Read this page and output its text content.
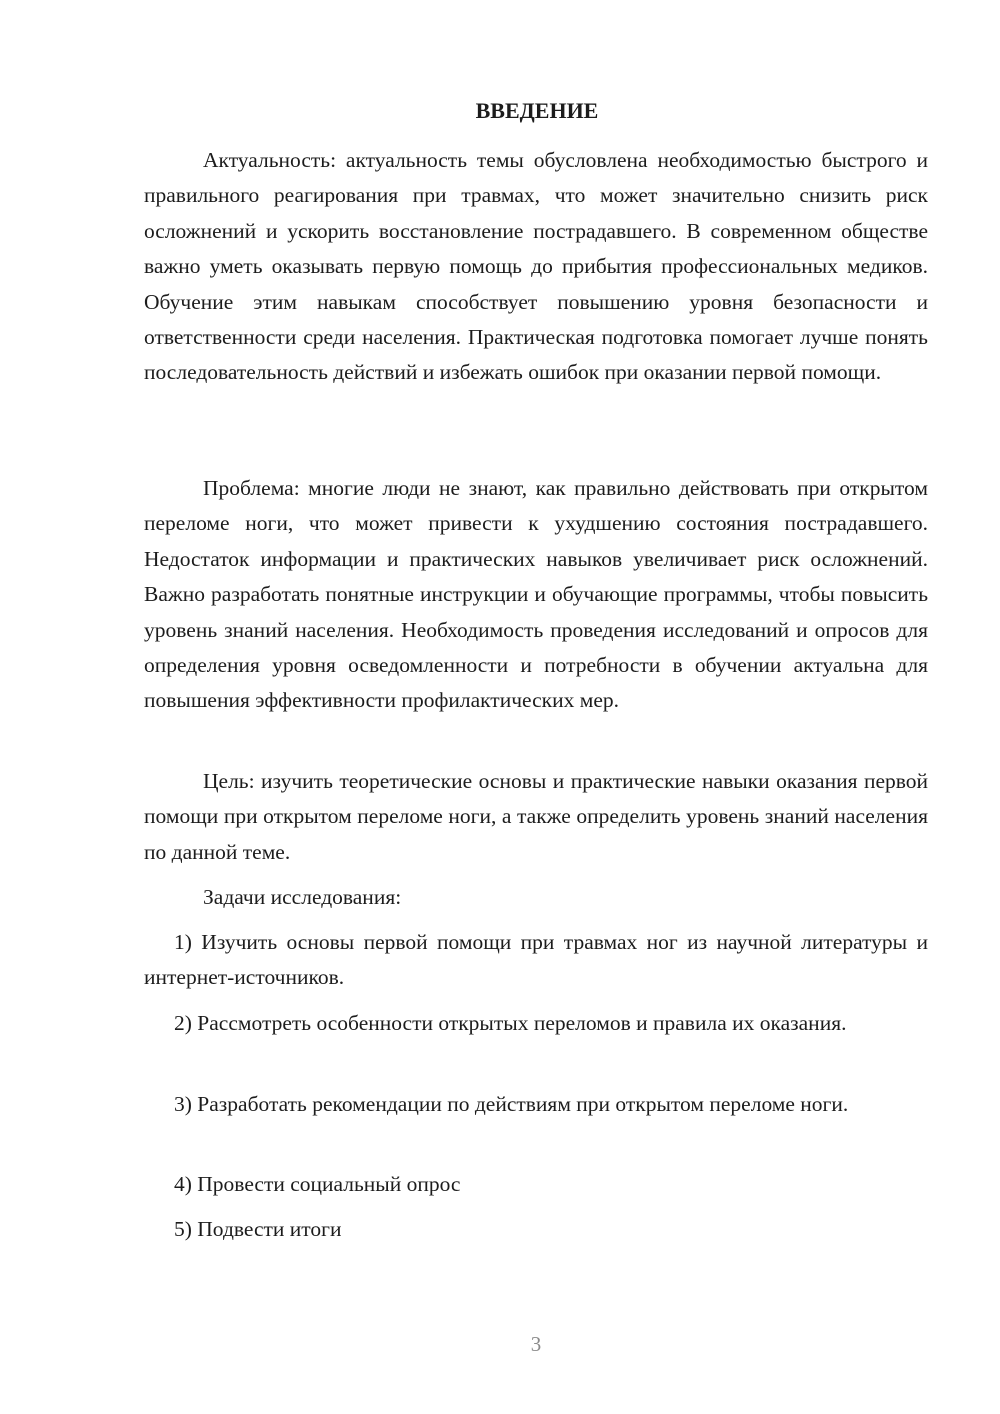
ВВЕДЕНИЕ

Актуальность: актуальность темы обусловлена необходимостью быстрого и правильного реагирования при травмах, что может значительно снизить риск осложнений и ускорить восстановление пострадавшего. В современном обществе важно уметь оказывать первую помощь до прибытия профессиональных медиков. Обучение этим навыкам способствует повышению уровня безопасности и ответственности среди населения. Практическая подготовка помогает лучше понять последовательность действий и избежать ошибок при оказании первой помощи.

Проблема: многие люди не знают, как правильно действовать при открытом переломе ноги, что может привести к ухудшению состояния пострадавшего. Недостаток информации и практических навыков увеличивает риск осложнений. Важно разработать понятные инструкции и обучающие программы, чтобы повысить уровень знаний населения. Необходимость проведения исследований и опросов для определения уровня осведомленности и потребности в обучении актуальна для повышения эффективности профилактических мер.

Цель: изучить теоретические основы и практические навыки оказания первой помощи при открытом переломе ноги, а также определить уровень знаний населения по данной теме.

Задачи исследования:

1) Изучить основы первой помощи при травмах ног из научной литературы и интернет-источников.

2) Рассмотреть особенности открытых переломов и правила их оказания.

3) Разработать рекомендации по действиям при открытом переломе ноги.

4) Провести социальный опрос

5) Подвести итоги

3
